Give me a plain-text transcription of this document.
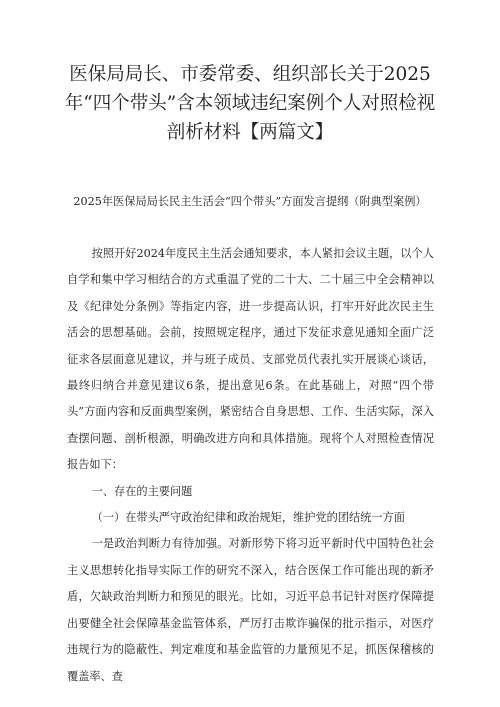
医保局局长、市委常委、组织部长关于2025年“四个带头”含本领域违纪案例个人对照检视剖析材料【两篇文】
2025年医保局局长民主生活会“四个带头”方面发言提纲（附典型案例）

按照开好2024年度民主生活会通知要求，本人紧扣会议主题，以个人自学和集中学习相结合的方式重温了党的二十大、二十届三中全会精神以及《纪律处分条例》等指定内容，进一步提高认识，打牢开好此次民主生活会的思想基础。会前，按照规定程序，通过下发征求意见通知全面广泛征求各层面意见建议，并与班子成员、支部党员代表扎实开展谈心谈话，最终归纳合并意见建议6条，提出意见6条。在此基础上，对照“四个带头”方面内容和反面典型案例，紧密结合自身思想、工作、生活实际，深入查摆问题、剖析根源，明确改进方向和具体措施。现将个人对照检查情况报告如下：

一、存在的主要问题

（一）在带头严守政治纪律和政治规矩，维护党的团结统一方面

一是政治判断力有待加强。对新形势下将习近平新时代中国特色社会主义思想转化指导实际工作的研究不深入，结合医保工作可能出现的新矛盾，欠缺政治判断力和预见的眼光。比如，习近平总书记针对医疗保障提出要健全社会保障基金监管体系，严厉打击欺诈骗保的批示指示，对医疗违规行为的隐蔽性、判定难度和基金监管的力量预见不足，抓医保稽核的覆盖率、查
